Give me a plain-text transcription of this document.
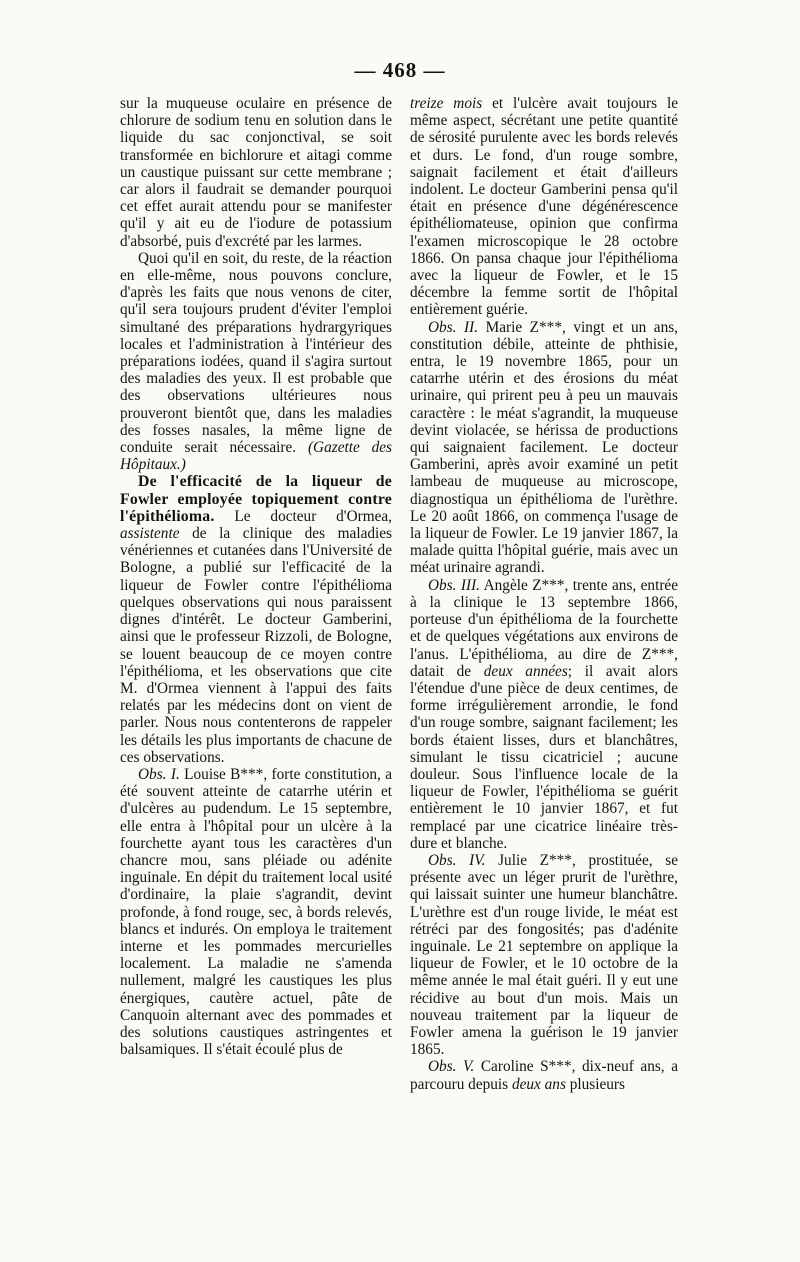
— 468 —

sur la muqueuse oculaire en présence de chlorure de sodium tenu en solution dans le liquide du sac conjonctival, se soit transformée en bichlorure et aitagi comme un caustique puissant sur cette membrane ; car alors il faudrait se demander pourquoi cet effet aurait attendu pour se manifester qu'il y ait eu de l'iodure de potassium d'absorbé, puis d'excrété par les larmes.

Quoi qu'il en soit, du reste, de la réaction en elle-même, nous pouvons conclure, d'après les faits que nous venons de citer, qu'il sera toujours prudent d'éviter l'emploi simultané des préparations hydrargyriques locales et l'administration à l'intérieur des préparations iodées, quand il s'agira surtout des maladies des yeux. Il est probable que des observations ultérieures nous prouveront bientôt que, dans les maladies des fosses nasales, la même ligne de conduite serait nécessaire. (Gazette des Hôpitaux.)

De l'efficacité de la liqueur de Fowler employée topiquement contre l'épithélioma. Le docteur d'Ormea, assistente de la clinique des maladies vénériennes et cutanées dans l'Université de Bologne, a publié sur l'efficacité de la liqueur de Fowler contre l'épithélioma quelques observations qui nous paraissent dignes d'intérêt. Le docteur Gamberini, ainsi que le professeur Rizzoli, de Bologne, se louent beaucoup de ce moyen contre l'épithélioma, et les observations que cite M. d'Ormea viennent à l'appui des faits relatés par les médecins dont on vient de parler. Nous nous contenterons de rappeler les détails les plus importants de chacune de ces observations.

Obs. I. Louise B***, forte constitution, a été souvent atteinte de catarrhe utérin et d'ulcères au pudendum. Le 15 septembre, elle entra à l'hôpital pour un ulcère à la fourchette ayant tous les caractères d'un chancre mou, sans pléiade ou adénite inguinale. En dépit du traitement local usité d'ordinaire, la plaie s'agrandit, devint profonde, à fond rouge, sec, à bords relevés, blancs et indurés. On employa le traitement interne et les pommades mercurielles localement. La maladie ne s'amenda nullement, malgré les caustiques les plus énergiques, cautère actuel, pâte de Canquoin alternant avec des pommades et des solutions caustiques astringentes et balsamiques. Il s'était écoulé plus de

treize mois et l'ulcère avait toujours le même aspect, sécrétant une petite quantité de sérosité purulente avec les bords relevés et durs. Le fond, d'un rouge sombre, saignait facilement et était d'ailleurs indolent. Le docteur Gamberini pensa qu'il était en présence d'une dégénérescence épithéliomateuse, opinion que confirma l'examen microscopique le 28 octobre 1866. On pansa chaque jour l'épithélioma avec la liqueur de Fowler, et le 15 décembre la femme sortit de l'hôpital entièrement guérie.

Obs. II. Marie Z***, vingt et un ans, constitution débile, atteinte de phthisie, entra, le 19 novembre 1865, pour un catarrhe utérin et des érosions du méat urinaire, qui prirent peu à peu un mauvais caractère : le méat s'agrandit, la muqueuse devint violacée, se hérissa de productions qui saignaient facilement. Le docteur Gamberini, après avoir examiné un petit lambeau de muqueuse au microscope, diagnostiqua un épithélioma de l'urèthre. Le 20 août 1866, on commença l'usage de la liqueur de Fowler. Le 19 janvier 1867, la malade quitta l'hôpital guérie, mais avec un méat urinaire agrandi.

Obs. III. Angèle Z***, trente ans, entrée à la clinique le 13 septembre 1866, porteuse d'un épithélioma de la fourchette et de quelques végétations aux environs de l'anus. L'épithélioma, au dire de Z***, datait de deux années; il avait alors l'étendue d'une pièce de deux centimes, de forme irrégulièrement arrondie, le fond d'un rouge sombre, saignant facilement; les bords étaient lisses, durs et blanchâtres, simulant le tissu cicatriciel ; aucune douleur. Sous l'influence locale de la liqueur de Fowler, l'épithélioma se guérit entièrement le 10 janvier 1867, et fut remplacé par une cicatrice linéaire très-dure et blanche.

Obs. IV. Julie Z***, prostituée, se présente avec un léger prurit de l'urèthre, qui laissait suinter une humeur blanchâtre. L'urèthre est d'un rouge livide, le méat est rétréci par des fongosités; pas d'adénite inguinale. Le 21 septembre on applique la liqueur de Fowler, et le 10 octobre de la même année le mal était guéri. Il y eut une récidive au bout d'un mois. Mais un nouveau traitement par la liqueur de Fowler amena la guérison le 19 janvier 1865.

Obs. V. Caroline S***, dix-neuf ans, a parcouru depuis deux ans plusieurs
